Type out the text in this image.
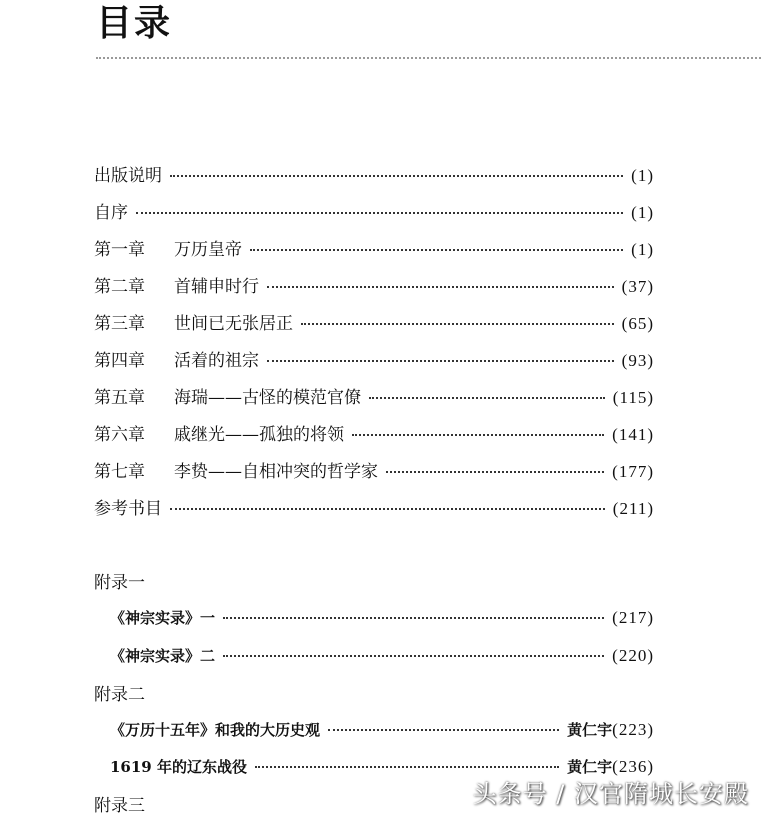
目录
出版说明	(1)
自序	(1)
第一章	万历皇帝	(1)
第二章	首辅申时行	(37)
第三章	世间已无张居正	(65)
第四章	活着的祖宗	(93)
第五章	海瑞——古怪的模范官僚	(115)
第六章	戚继光——孤独的将领	(141)
第七章	李贽——自相冲突的哲学家	(177)
参考书目	(211)
附录一
《神宗实录》一	(217)
《神宗实录》二	(220)
附录二
《万历十五年》和我的大历史观	黄仁宇 (223)
1619 年的辽东战役	黄仁宇 (236)
附录三	头条号 / 汉官隋城长安殿
